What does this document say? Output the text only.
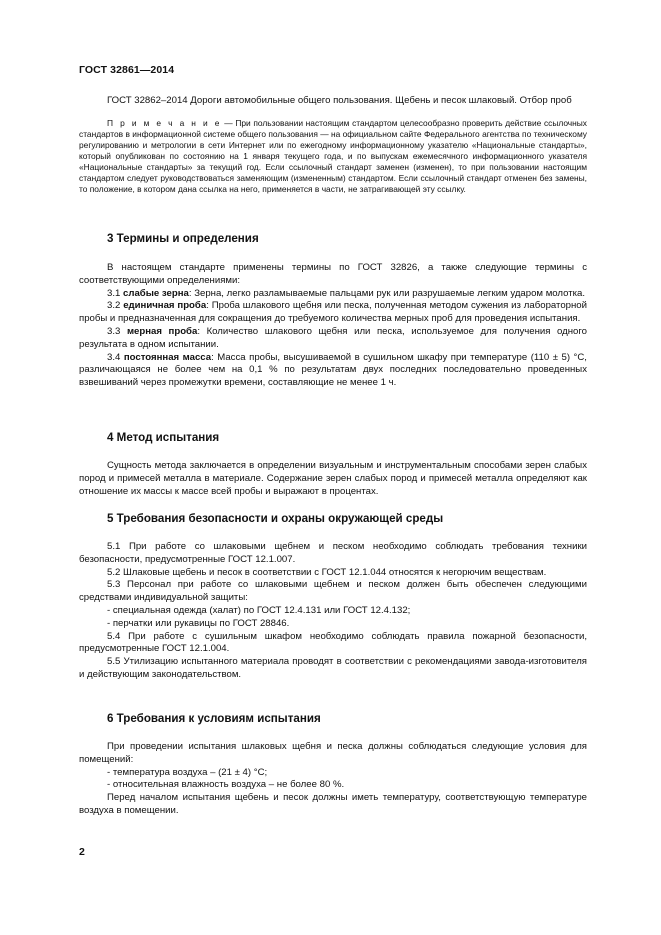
ГОСТ 32861—2014

ГОСТ 32862–2014 Дороги автомобильные общего пользования. Щебень и песок шлаковый. Отбор проб

П р и м е ч а н и е — При пользовании настоящим стандартом целесообразно проверить действие ссылочных стандартов в информационной системе общего пользования — на официальном сайте Федерального агентства по техническому регулированию и метрологии в сети Интернет или по ежегодному информационному указателю «Национальные стандарты», который опубликован по состоянию на 1 января текущего года, и по выпускам ежемесячного информационного указателя «Национальные стандарты» за текущий год. Если ссылочный стандарт заменен (изменен), то при пользовании настоящим стандартом следует руководствоваться заменяющим (измененным) стандартом. Если ссылочный стандарт отменен без замены, то положение, в котором дана ссылка на него, применяется в части, не затрагивающей эту ссылку.

3 Термины и определения

В настоящем стандарте применены термины по ГОСТ 32826, а также следующие термины с соответствующими определениями:

3.1 слабые зерна: Зерна, легко разламываемые пальцами рук или разрушаемые легким ударом молотка.

3.2 единичная проба: Проба шлакового щебня или песка, полученная методом сужения из лабораторной пробы и предназначенная для сокращения до требуемого количества мерных проб для проведения испытания.

3.3 мерная проба: Количество шлакового щебня или песка, используемое для получения одного результата в одном испытании.

3.4 постоянная масса: Масса пробы, высушиваемой в сушильном шкафу при температуре (110 ± 5) °С, различающаяся не более чем на 0,1 % по результатам двух последних последовательно проведенных взвешиваний через промежутки времени, составляющие не менее 1 ч.

4 Метод испытания

Сущность метода заключается в определении визуальным и инструментальным способами зерен слабых пород и примесей металла в материале. Содержание зерен слабых пород и примесей металла определяют как отношение их массы к массе всей пробы и выражают в процентах.

5 Требования безопасности и охраны окружающей среды

5.1 При работе со шлаковыми щебнем и песком необходимо соблюдать требования техники безопасности, предусмотренные ГОСТ 12.1.007.

5.2 Шлаковые щебень и песок в соответствии с ГОСТ 12.1.044 относятся к негорючим веществам.

5.3 Персонал при работе со шлаковыми щебнем и песком должен быть обеспечен следующими средствами индивидуальной защиты:

- специальная одежда (халат) по ГОСТ 12.4.131 или ГОСТ 12.4.132;

- перчатки или рукавицы по ГОСТ 28846.

5.4 При работе с сушильным шкафом необходимо соблюдать правила пожарной безопасности, предусмотренные ГОСТ 12.1.004.

5.5 Утилизацию испытанного материала проводят в соответствии с рекомендациями завода-изготовителя и действующим законодательством.

6 Требования к условиям испытания

При проведении испытания шлаковых щебня и песка должны соблюдаться следующие условия для помещений:

- температура воздуха – (21 ± 4) °С;

- относительная влажность воздуха – не более 80 %.

Перед началом испытания щебень и песок должны иметь температуру, соответствующую температуре воздуха в помещении.

2
